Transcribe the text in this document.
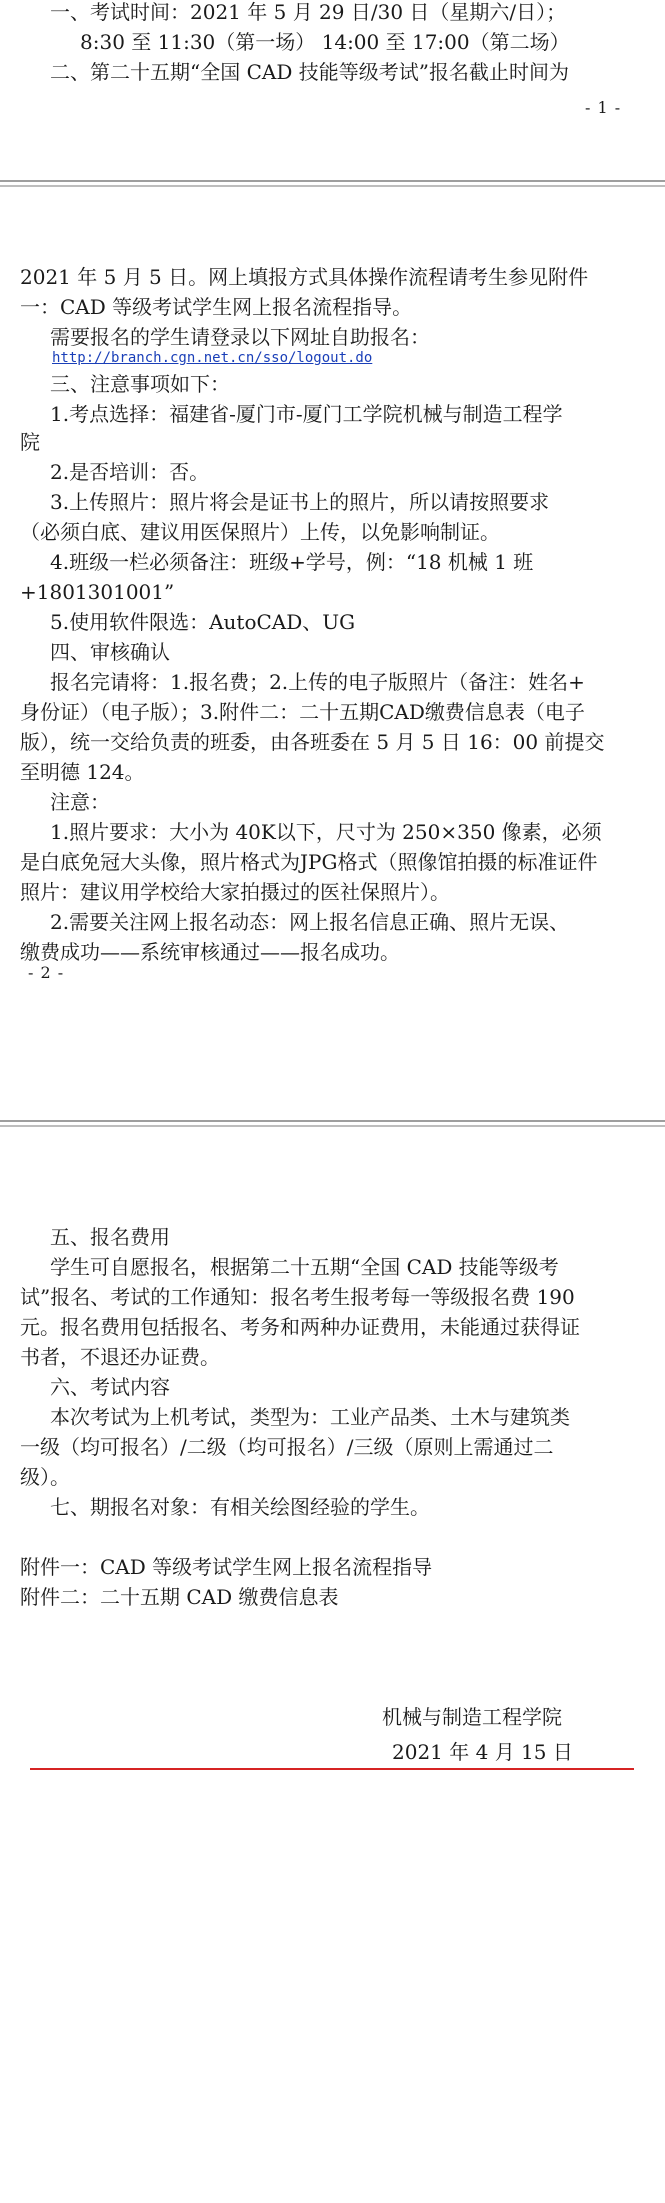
一、考试时间：2021 年 5 月 29 日/30 日（星期六/日）；
8:30 至 11:30（第一场） 14:00 至 17:00（第二场）
二、第二十五期“全国 CAD 技能等级考试”报名截止时间为
- 1 -
2021 年 5 月 5 日。网上填报方式具体操作流程请考生参见附件
一：CAD 等级考试学生网上报名流程指导。
需要报名的学生请登录以下网址自助报名：
http://branch.cgn.net.cn/sso/logout.do
三、注意事项如下：
1.考点选择：福建省-厦门市-厦门工学院机械与制造工程学
院
2.是否培训：否。
3.上传照片：照片将会是证书上的照片，所以请按照要求
（必须白底、建议用医保照片）上传，以免影响制证。
4.班级一栏必须备注：班级+学号，例：“18 机械 1 班
+1801301001”
5.使用软件限选：AutoCAD、UG
四、审核确认
报名完请将：1.报名费；2.上传的电子版照片（备注：姓名+
身份证）（电子版）；3.附件二：二十五期CAD缴费信息表（电子
版），统一交给负责的班委，由各班委在 5 月 5 日 16：00 前提交
至明德 124。
注意：
1.照片要求：大小为 40K以下，尺寸为 250×350 像素，必须
是白底免冠大头像，照片格式为JPG格式（照像馆拍摄的标准证件
照片：建议用学校给大家拍摄过的医社保照片）。
2.需要关注网上报名动态：网上报名信息正确、照片无误、
缴费成功——系统审核通过——报名成功。
- 2 -
五、报名费用
学生可自愿报名，根据第二十五期“全国 CAD 技能等级考
试”报名、考试的工作通知：报名考生报考每一等级报名费 190
元。报名费用包括报名、考务和两种办证费用，未能通过获得证
书者，不退还办证费。
六、考试内容
本次考试为上机考试，类型为：工业产品类、土木与建筑类
一级（均可报名）/二级（均可报名）/三级（原则上需通过二
级）。
七、期报名对象：有相关绘图经验的学生。
附件一：CAD 等级考试学生网上报名流程指导
附件二：二十五期 CAD 缴费信息表
机械与制造工程学院
2021 年 4 月 15 日
